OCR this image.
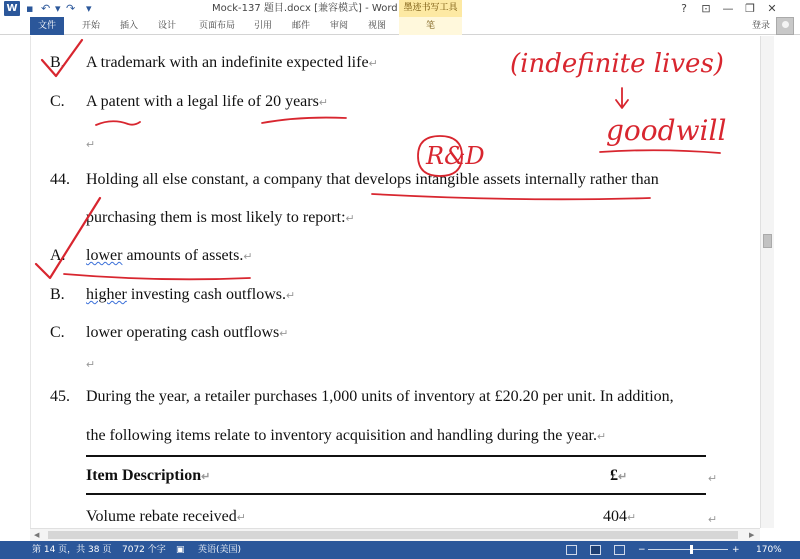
W ▪ ↶ ▾ ↷ ▾	Mock-137 题目.docx [兼容模式] - Word 墨迹书写工具	?	⊡	—	❐	✕
文件	开始	插入	设计	页面布局	引用	邮件	审阅	视图	笔	登录
B. A trademark with an indefinite expected life↵
C. A patent with a legal life of 20 years↵
↵
44. Holding all else constant, a company that develops intangible assets internally rather than
purchasing them is most likely to report:↵
A. lower amounts of assets.↵
B. higher investing cash outflows.↵
C. lower operating cash outflows↵
↵
45. During the year, a retailer purchases 1,000 units of inventory at £20.20 per unit. In addition,
the following items relate to inventory acquisition and handling during the year.↵
Item Description↵	£↵	↵
Volume rebate received↵	404↵	↵
(indefinite lives)
goodwill
R&D
◀	▶
第 14 页，共 38 页 7072 个字 ▣ 英语(美国)	−	+ 170%
